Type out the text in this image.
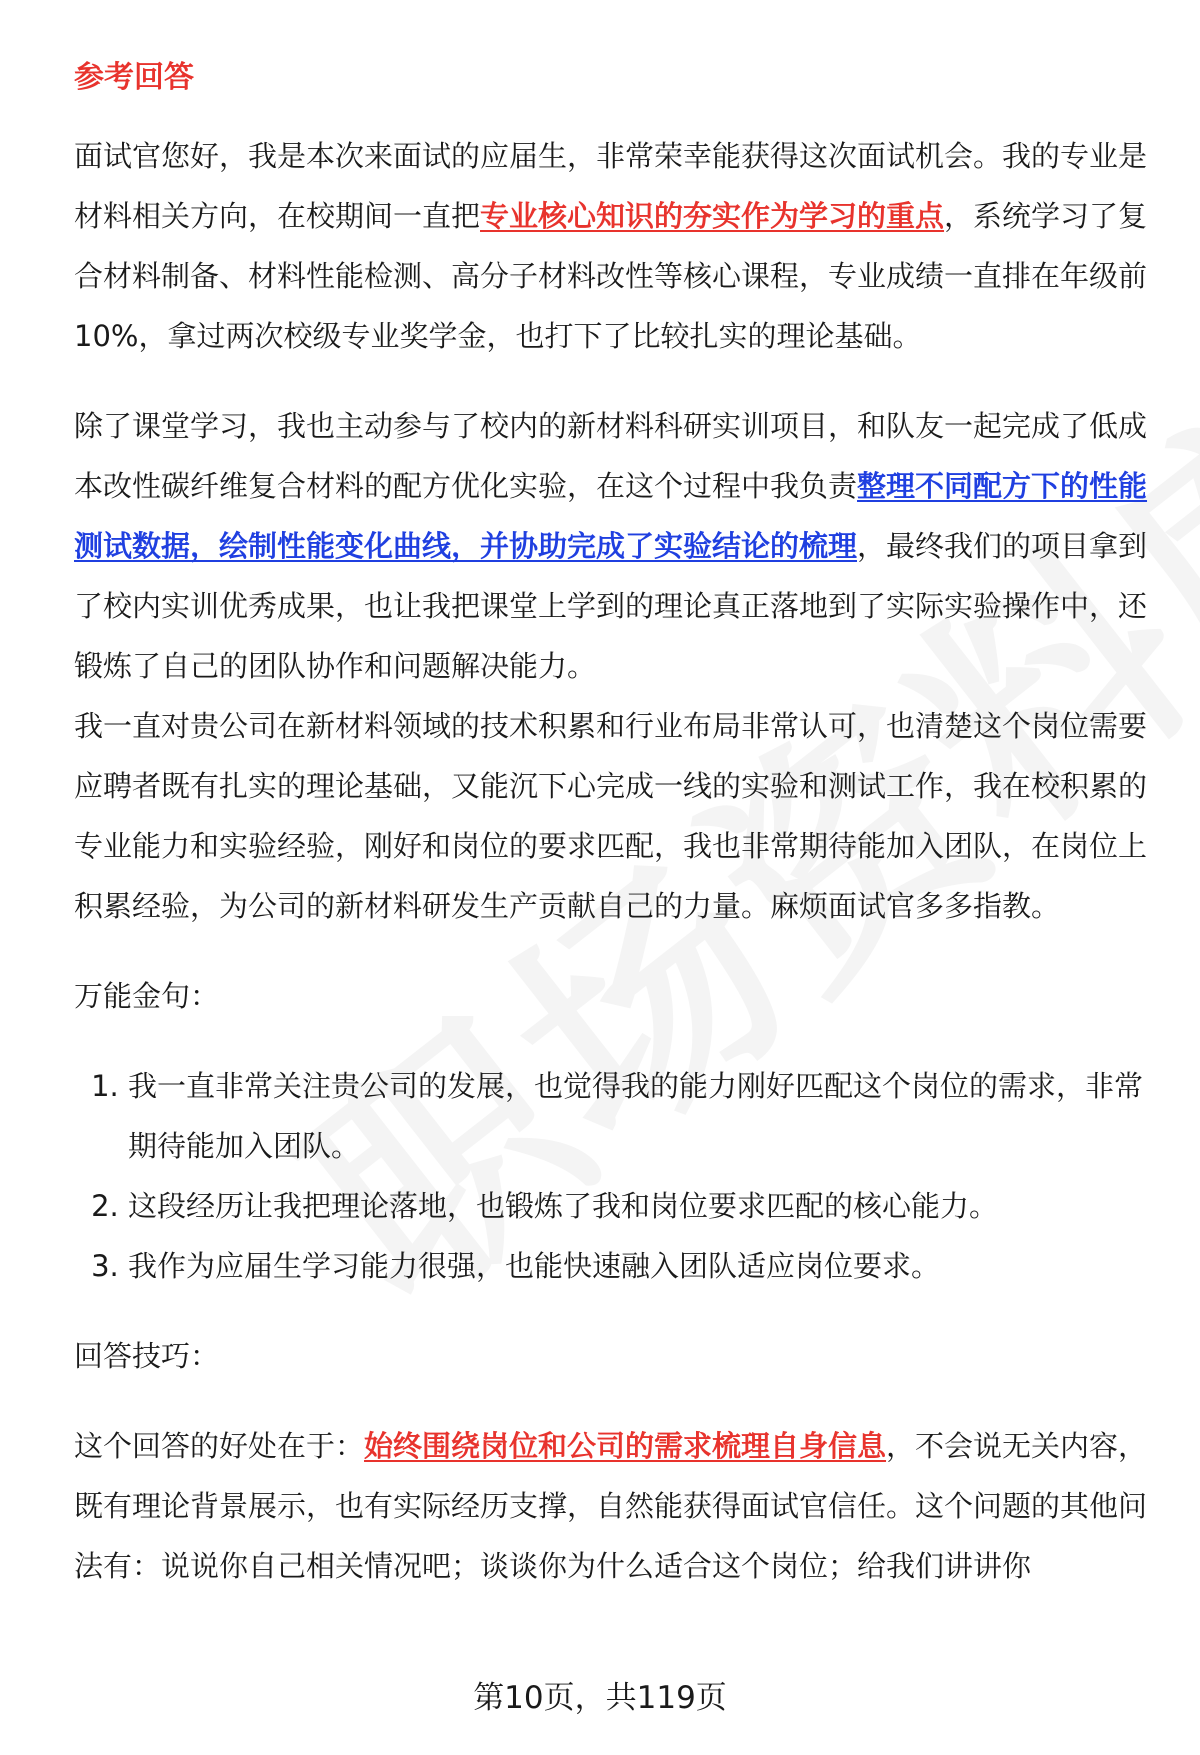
参考回答

面试官您好，我是本次来面试的应届生，非常荣幸能获得这次面试机会。我的专业是材料相关方向，在校期间一直把专业核心知识的夯实作为学习的重点，系统学习了复合材料制备、材料性能检测、高分子材料改性等核心课程，专业成绩一直排在年级前10%，拿过两次校级专业奖学金，也打下了比较扎实的理论基础。

除了课堂学习，我也主动参与了校内的新材料科研实训项目，和队友一起完成了低成本改性碳纤维复合材料的配方优化实验，在这个过程中我负责整理不同配方下的性能测试数据，绘制性能变化曲线，并协助完成了实验结论的梳理，最终我们的项目拿到了校内实训优秀成果，也让我把课堂上学到的理论真正落地到了实际实验操作中，还锻炼了自己的团队协作和问题解决能力。

我一直对贵公司在新材料领域的技术积累和行业布局非常认可，也清楚这个岗位需要应聘者既有扎实的理论基础，又能沉下心完成一线的实验和测试工作，我在校积累的专业能力和实验经验，刚好和岗位的要求匹配，我也非常期待能加入团队，在岗位上积累经验，为公司的新材料研发生产贡献自己的力量。麻烦面试官多多指教。

万能金句：

1. 我一直非常关注贵公司的发展，也觉得我的能力刚好匹配这个岗位的需求，非常期待能加入团队。
2. 这段经历让我把理论落地，也锻炼了我和岗位要求匹配的核心能力。
3. 我作为应届生学习能力很强，也能快速融入团队适应岗位要求。

回答技巧：

这个回答的好处在于：始终围绕岗位和公司的需求梳理自身信息，不会说无关内容，既有理论背景展示，也有实际经历支撑，自然能获得面试官信任。这个问题的其他问法有：说说你自己相关情况吧；谈谈你为什么适合这个岗位；给我们讲讲你

第10页，共119页
